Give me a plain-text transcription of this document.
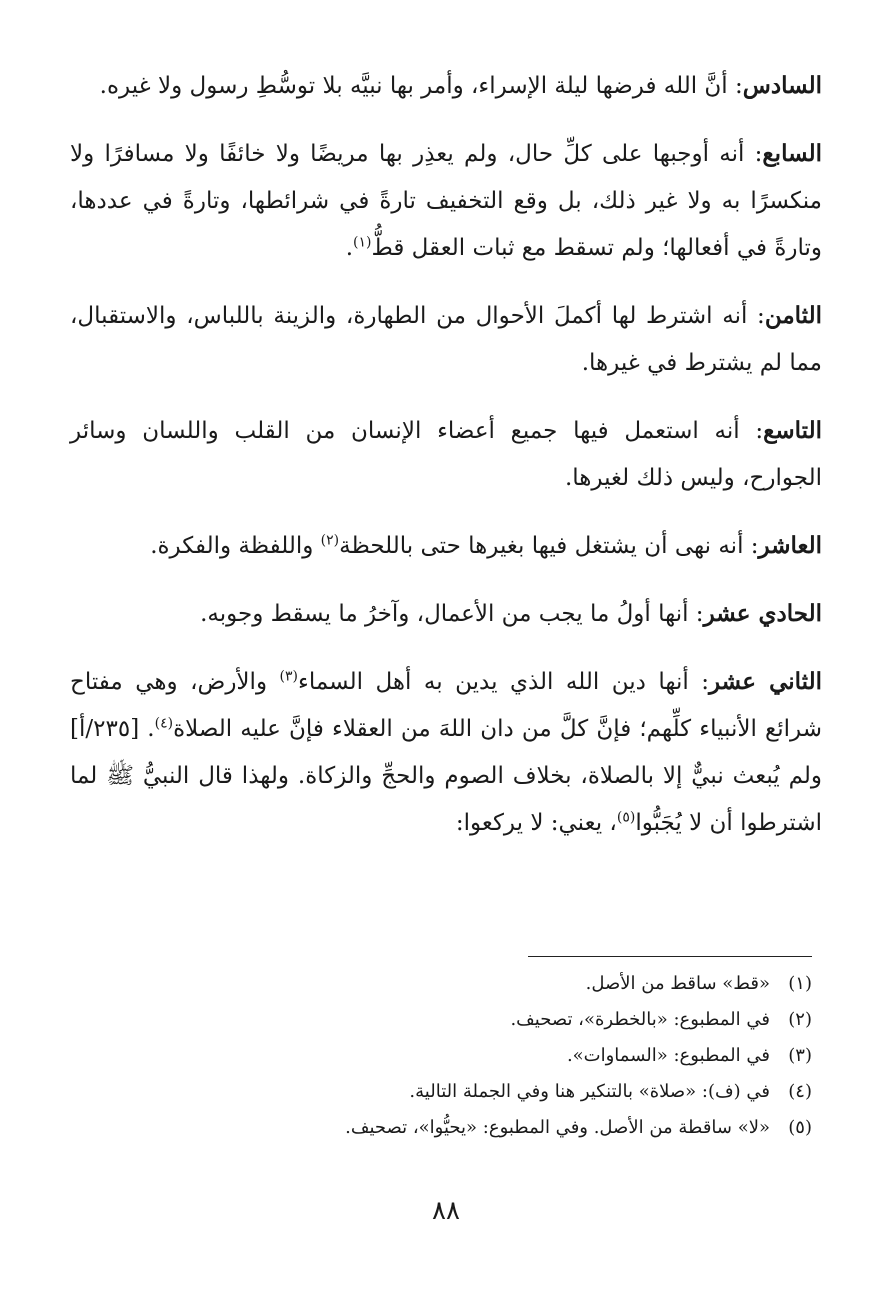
السادس: أنَّ الله فرضها ليلة الإسراء، وأمر بها نبيَّه بلا توسُّطِ رسول ولا غيره.

السابع: أنه أوجبها على كلِّ حال، ولم يعذِر بها مريضًا ولا خائفًا ولا مسافرًا ولا منكسرًا به ولا غير ذلك، بل وقع التخفيف تارةً في شرائطها، وتارةً في عددها، وتارةً في أفعالها؛ ولم تسقط مع ثبات العقل قطُّ$^{(١)}$.

الثامن: أنه اشترط لها أكملَ الأحوال من الطهارة، والزينة باللباس، والاستقبال، مما لم يشترط في غيرها.

التاسع: أنه استعمل فيها جميع أعضاء الإنسان من القلب واللسان وسائر الجوارح، وليس ذلك لغيرها.

العاشر: أنه نهى أن يشتغل فيها بغيرها حتى باللحظة$^{(٢)}$ واللفظة والفكرة.

الحادي عشر: أنها أولُ ما يجب من الأعمال، وآخرُ ما يسقط وجوبه.

الثاني عشر: أنها دين الله الذي يدين به أهل السماء$^{(٣)}$ والأرض، وهي مفتاح شرائع الأنبياء كلِّهم؛ فإنَّ كلَّ من دان اللهَ من العقلاء فإنَّ عليه الصلاة$^{(٤)}$. [٢٣٥/أ] ولم يُبعث نبيٌّ إلا بالصلاة، بخلاف الصوم والحجِّ والزكاة. ولهذا قال النبيُّ ﷺ لما اشترطوا أن لا يُجَبُّوا$^{(٥)}$، يعني: لا يركعوا:

(١)
«قط» ساقط من الأصل.
(٢)
في المطبوع: «بالخطرة»، تصحيف.
(٣)
في المطبوع: «السماوات».
(٤)
في (ف): «صلاة» بالتنكير هنا وفي الجملة التالية.
(٥)
«لا» ساقطة من الأصل. وفي المطبوع: «يحيُّوا»، تصحيف.
٨٨
